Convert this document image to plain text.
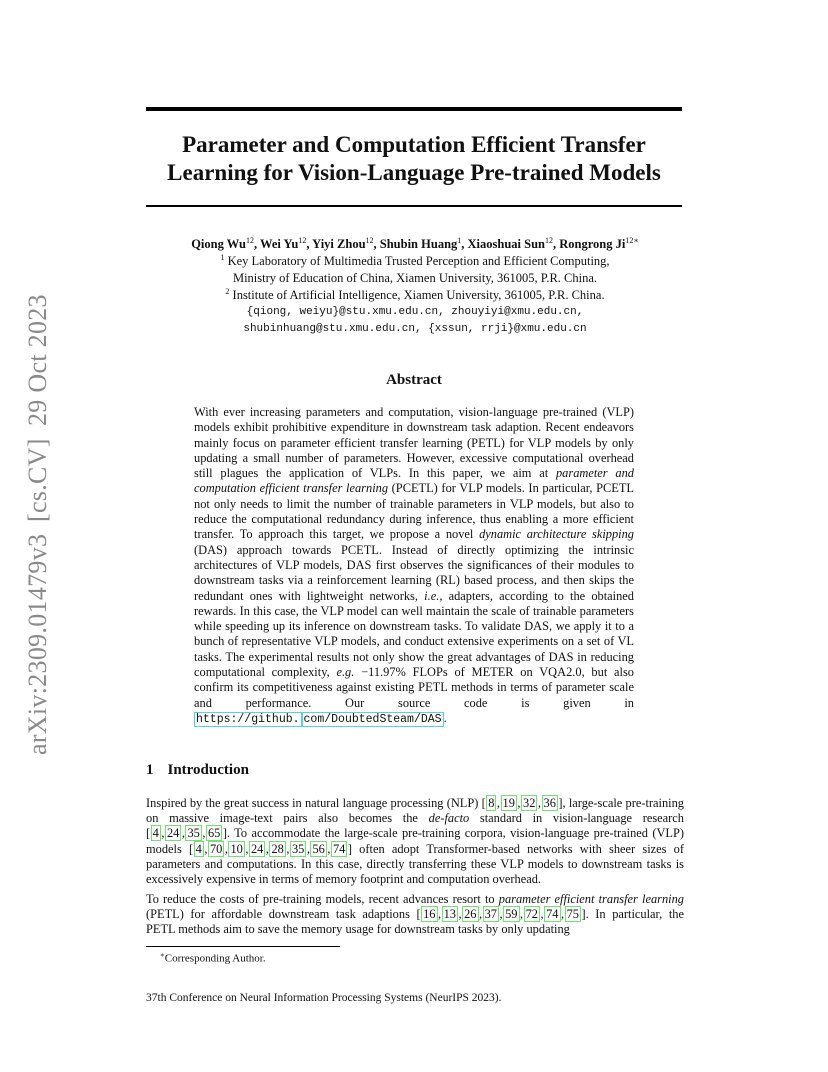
arXiv:2309.01479v3
[cs.CV]
29 Oct 2023
Parameter and Computation Efficient Transfer
Learning for Vision-Language Pre-trained Models
Qiong Wu$^{12}$, Wei Yu$^{12}$, Yiyi Zhou$^{12}$, Shubin Huang$^1$, Xiaoshuai Sun$^{12}$, Rongrong $Ji^{12∗}$
$^1$ Key Laboratory of Multimedia Trusted Perception and Efficient Computing,
Ministry of Education of China, Xiamen University, 361005, P.R. China.
$^2$ Institute of Artificial Intelligence, Xiamen University, 361005, P.R. China.
{qiong, weiyu}@stu.xmu.edu.cn, zhouyiyi@xmu.edu.cn,
shubinhuang@stu.xmu.edu.cn, {xssun, rrji}@xmu.edu.cn
Abstract

With ever increasing parameters and computation, vision-language pre-trained (VLP) models exhibit prohibitive expenditure in downstream task adaption. Recent endeavors mainly focus on parameter efficient transfer learning (PETL) for VLP models by only updating a small number of parameters. However, excessive computational overhead still plagues the application of VLPs. In this paper, we aim at parameter and computation efficient transfer learning (PCETL) for VLP models. In particular, PCETL not only needs to limit the number of trainable parameters in VLP models, but also to reduce the computational redundancy during inference, thus enabling a more efficient transfer. To approach this target, we propose a novel dynamic architecture skipping (DAS) approach towards PCETL. Instead of directly optimizing the intrinsic architectures of VLP models, DAS first observes the significances of their modules to downstream tasks via a reinforcement learning (RL) based process, and then skips the redundant ones with lightweight networks, i.e., adapters, according to the obtained rewards. In this case, the VLP model can well maintain the scale of trainable parameters while speeding up its inference on downstream tasks. To validate DAS, we apply it to a bunch of representative VLP models, and conduct extensive experiments on a set of VL tasks. The experimental results not only show the great advantages of DAS in reducing computational complexity, e.g. −11.97% FLOPs of METER on VQA2.0, but also confirm its competitiveness against existing PETL methods in terms of parameter scale and performance. Our source code is given in https://github. com/DoubtedSteam/DAS .

1 Introduction

Inspired by the great success in natural language processing (NLP) [ 8 , 19 , 32 , 36 ], large-scale pre-training on massive image-text pairs also becomes the de-facto standard in vision-language research [ 4 , 24 , 35 , 65 ]. To accommodate the large-scale pre-training corpora, vision-language pre-trained (VLP) models [ 4 , 70 , 10 , 24 , 28 , 35 , 56 , 74 ] often adopt Transformer-based networks with sheer sizes of parameters and computations. In this case, directly transferring these VLP models to downstream tasks is excessively expensive in terms of memory footprint and computation overhead.

To reduce the costs of pre-training models, recent advances resort to parameter efficient transfer learning (PETL) for affordable downstream task adaptions [ 16 , 13 , 26 , 37 , 59 , 72 , 74 , 75 ]. In particular, the PETL methods aim to save the memory usage for downstream tasks by only updating

∗Corresponding Author.
37th Conference on Neural Information Processing Systems (NeurIPS 2023).
